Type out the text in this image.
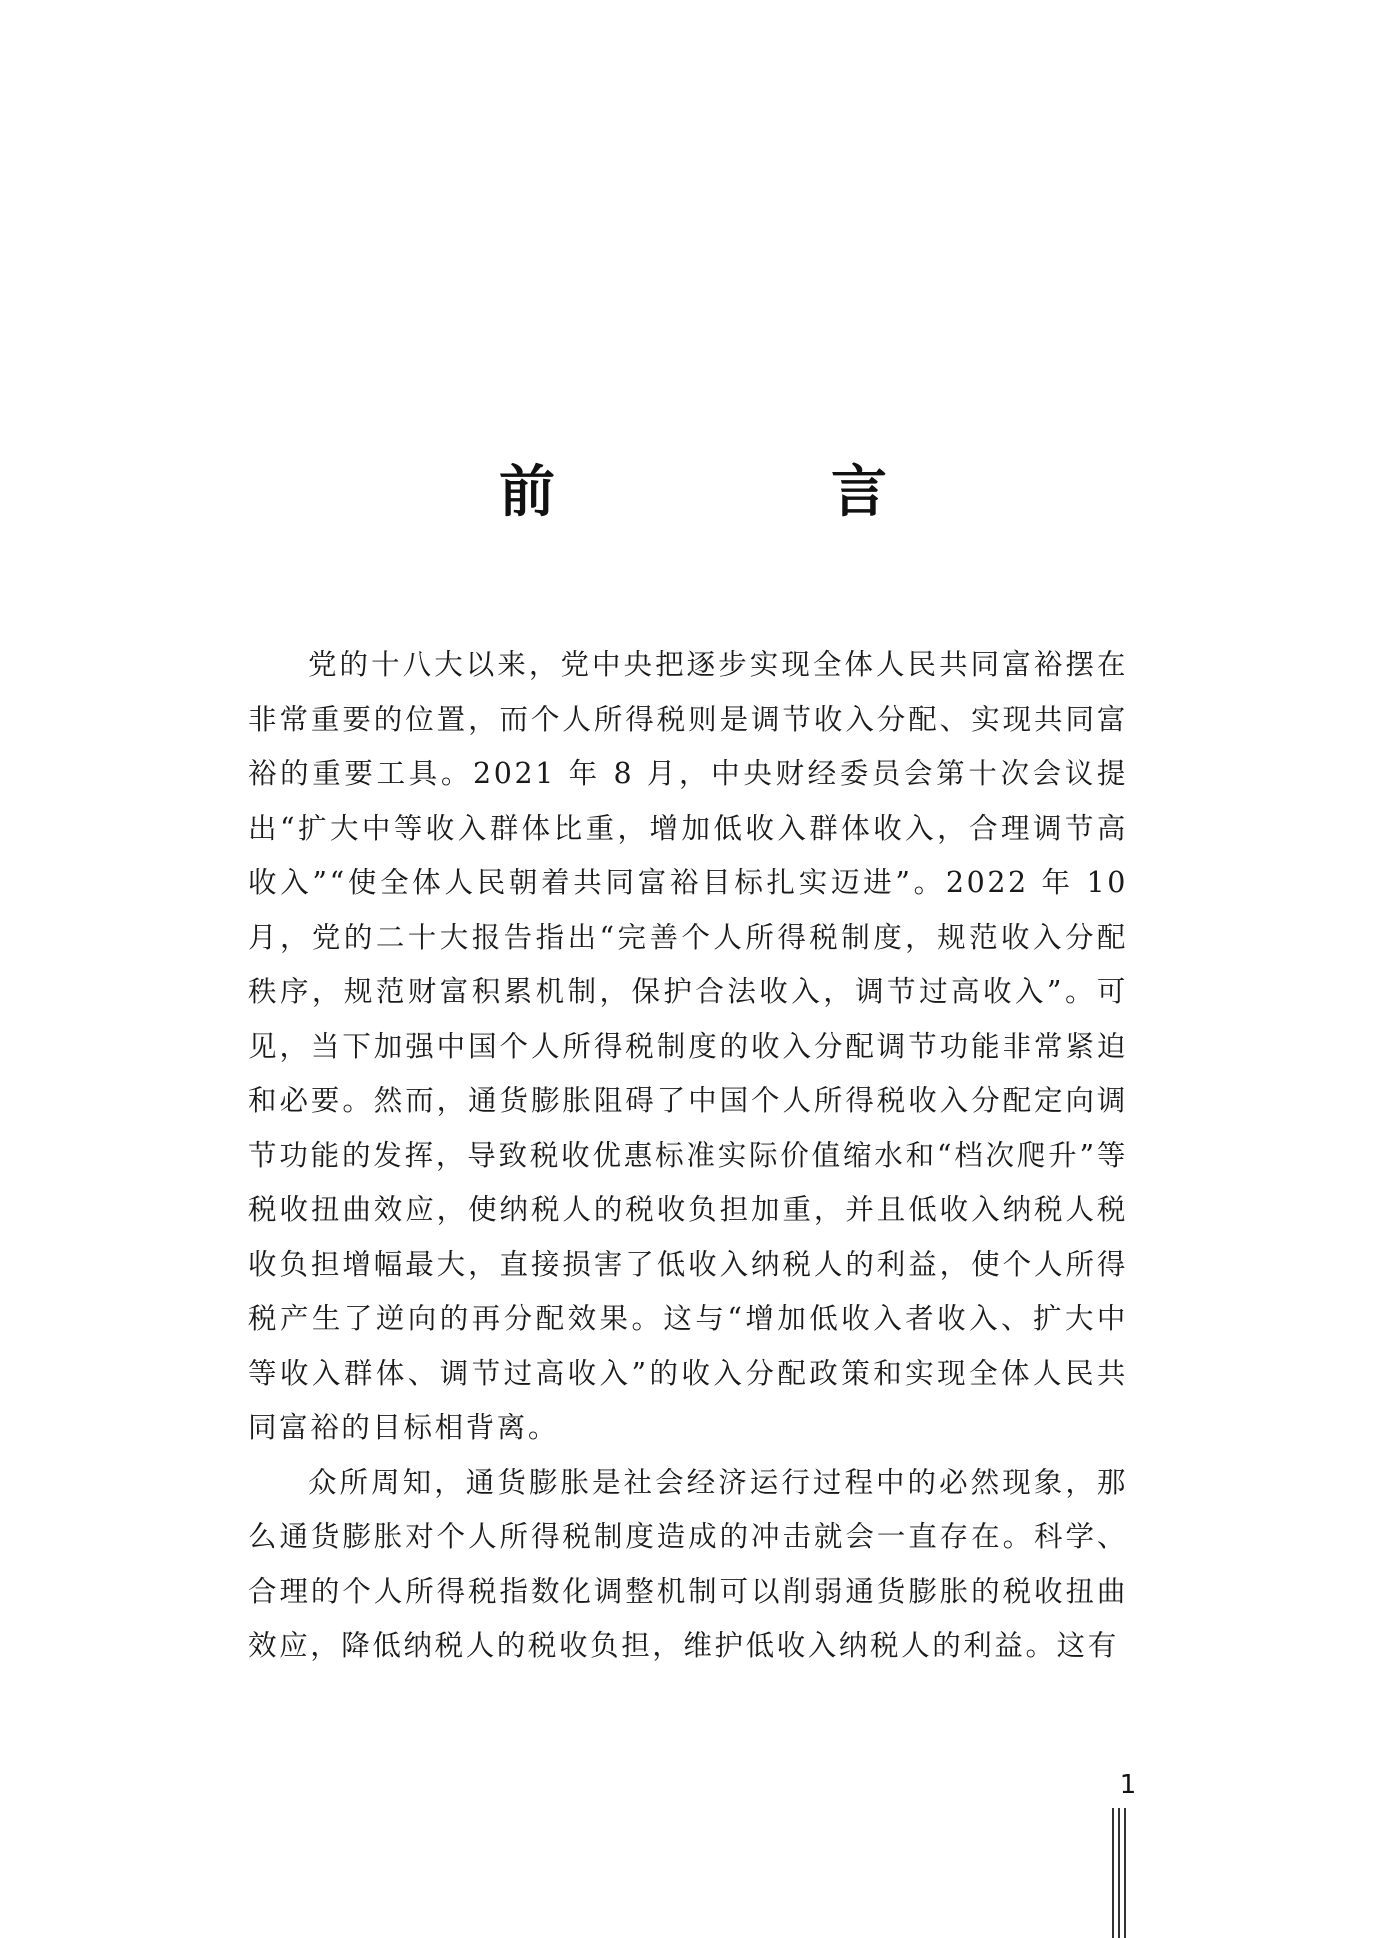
前　言

党的十八大以来，党中央把逐步实现全体人民共同富裕摆在非常重要的位置，而个人所得税则是调节收入分配、实现共同富裕的重要工具。2021 年 8 月，中央财经委员会第十次会议提出“扩大中等收入群体比重，增加低收入群体收入，合理调节高收入”“使全体人民朝着共同富裕目标扎实迈进”。2022 年 10 月，党的二十大报告指出“完善个人所得税制度，规范收入分配秩序，规范财富积累机制，保护合法收入，调节过高收入”。可见，当下加强中国个人所得税制度的收入分配调节功能非常紧迫和必要。然而，通货膨胀阻碍了中国个人所得税收入分配定向调节功能的发挥，导致税收优惠标准实际价值缩水和“档次爬升”等税收扭曲效应，使纳税人的税收负担加重，并且低收入纳税人税收负担增幅最大，直接损害了低收入纳税人的利益，使个人所得税产生了逆向的再分配效果。这与“增加低收入者收入、扩大中等收入群体、调节过高收入”的收入分配政策和实现全体人民共同富裕的目标相背离。

众所周知，通货膨胀是社会经济运行过程中的必然现象，那么通货膨胀对个人所得税制度造成的冲击就会一直存在。科学、合理的个人所得税指数化调整机制可以削弱通货膨胀的税收扭曲效应，降低纳税人的税收负担，维护低收入纳税人的利益。这有

1
